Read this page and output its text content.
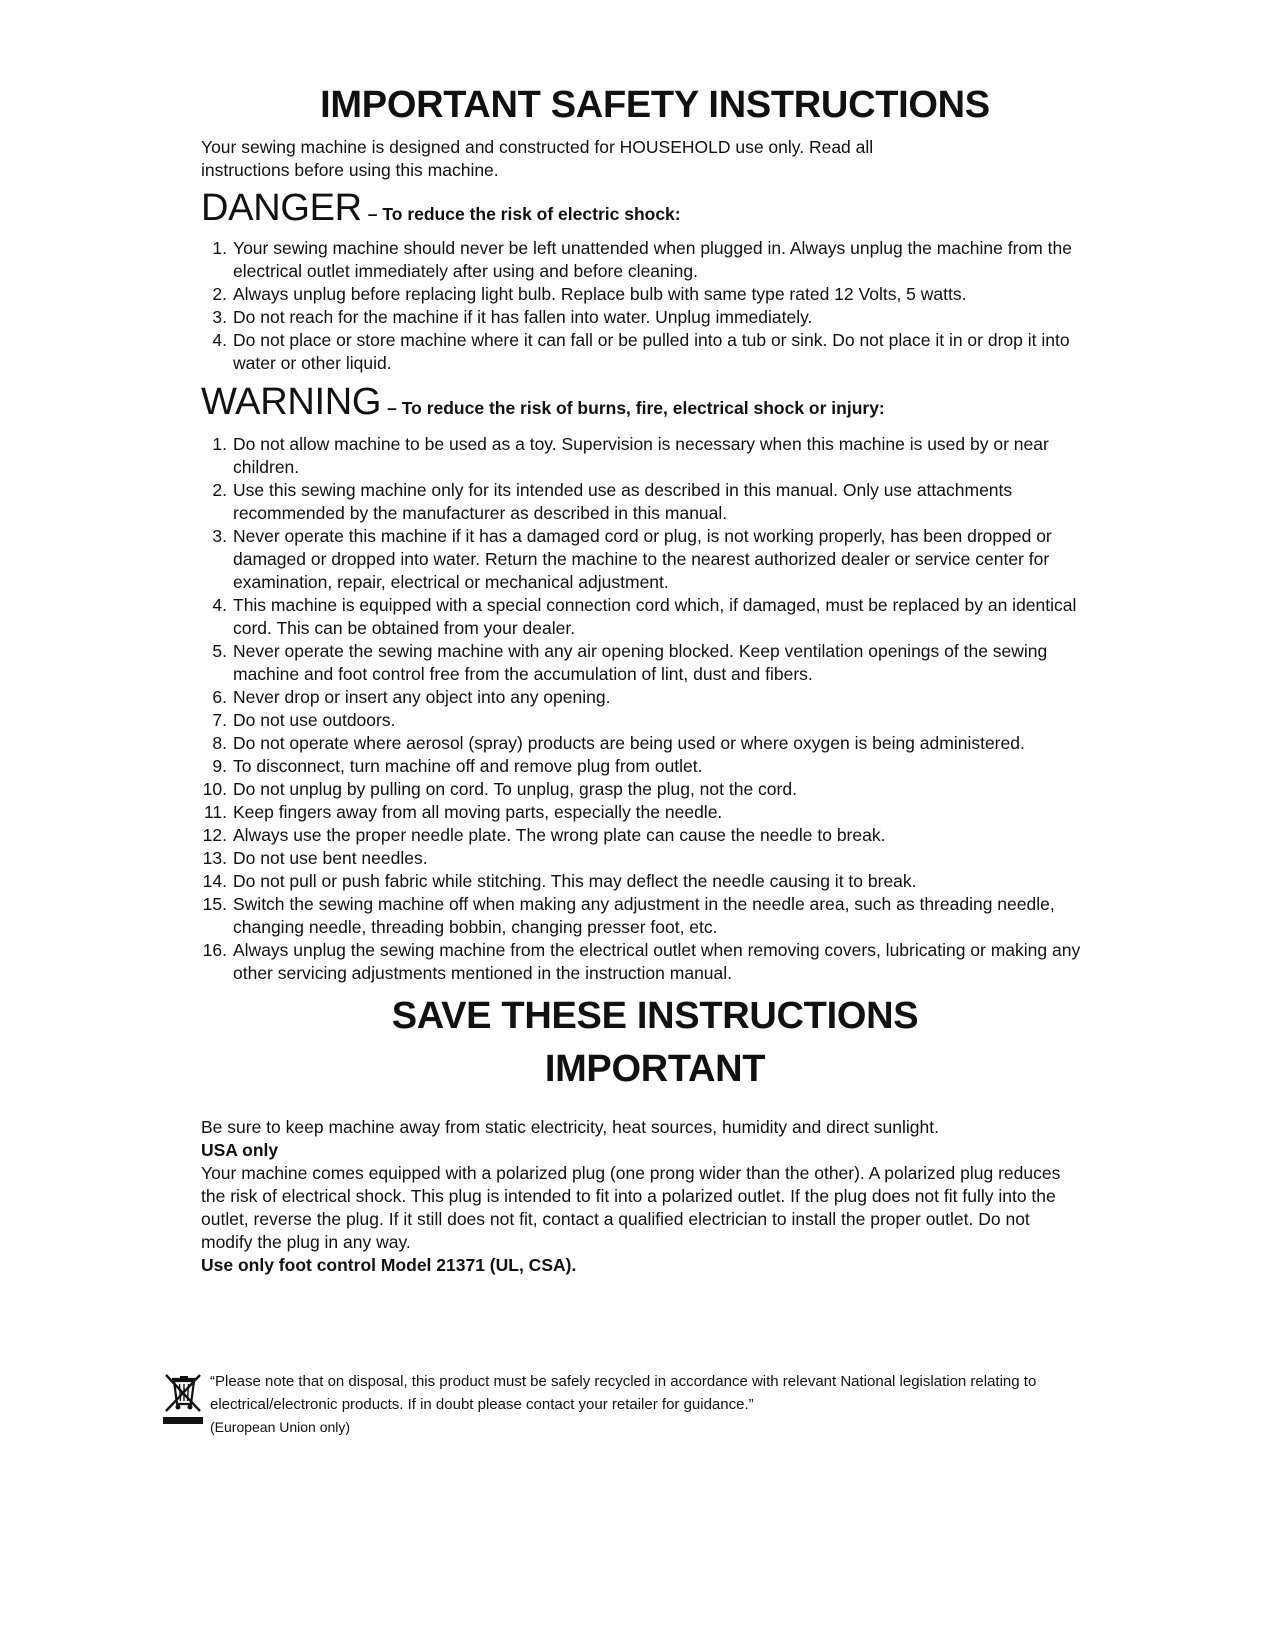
IMPORTANT SAFETY INSTRUCTIONS

Your sewing machine is designed and constructed for HOUSEHOLD use only. Read all instructions before using this machine.

DANGER – To reduce the risk of electric shock:
1. Your sewing machine should never be left unattended when plugged in. Always unplug the machine from the electrical outlet immediately after using and before cleaning.
2. Always unplug before replacing light bulb. Replace bulb with same type rated 12 Volts, 5 watts.
3. Do not reach for the machine if it has fallen into water. Unplug immediately.
4. Do not place or store machine where it can fall or be pulled into a tub or sink. Do not place it in or drop it into water or other liquid.
WARNING – To reduce the risk of burns, fire, electrical shock or injury:
1. Do not allow machine to be used as a toy. Supervision is necessary when this machine is used by or near children.
2. Use this sewing machine only for its intended use as described in this manual. Only use attachments recommended by the manufacturer as described in this manual.
3. Never operate this machine if it has a damaged cord or plug, is not working properly, has been dropped or damaged or dropped into water. Return the machine to the nearest authorized dealer or service center for examination, repair, electrical or mechanical adjustment.
4. This machine is equipped with a special connection cord which, if damaged, must be replaced by an identical cord. This can be obtained from your dealer.
5. Never operate the sewing machine with any air opening blocked. Keep ventilation openings of the sewing machine and foot control free from the accumulation of lint, dust and fibers.
6. Never drop or insert any object into any opening.
7. Do not use outdoors.
8. Do not operate where aerosol (spray) products are being used or where oxygen is being administered.
9. To disconnect, turn machine off and remove plug from outlet.
10. Do not unplug by pulling on cord. To unplug, grasp the plug, not the cord.
11. Keep fingers away from all moving parts, especially the needle.
12. Always use the proper needle plate. The wrong plate can cause the needle to break.
13. Do not use bent needles.
14. Do not pull or push fabric while stitching. This may deflect the needle causing it to break.
15. Switch the sewing machine off when making any adjustment in the needle area, such as threading needle, changing needle, threading bobbin, changing presser foot, etc.
16. Always unplug the sewing machine from the electrical outlet when removing covers, lubricating or making any other servicing adjustments mentioned in the instruction manual.
SAVE THESE INSTRUCTIONS
IMPORTANT

Be sure to keep machine away from static electricity, heat sources, humidity and direct sunlight.

USA only

Your machine comes equipped with a polarized plug (one prong wider than the other). A polarized plug reduces the risk of electrical shock. This plug is intended to fit into a polarized outlet. If the plug does not fit fully into the outlet, reverse the plug. If it still does not fit, contact a qualified electrician to install the proper outlet. Do not modify the plug in any way.

Use only foot control Model 21371 (UL, CSA).

“Please note that on disposal, this product must be safely recycled in accordance with relevant National legislation relating to electrical/electronic products. If in doubt please contact your retailer for guidance.”
(European Union only)
